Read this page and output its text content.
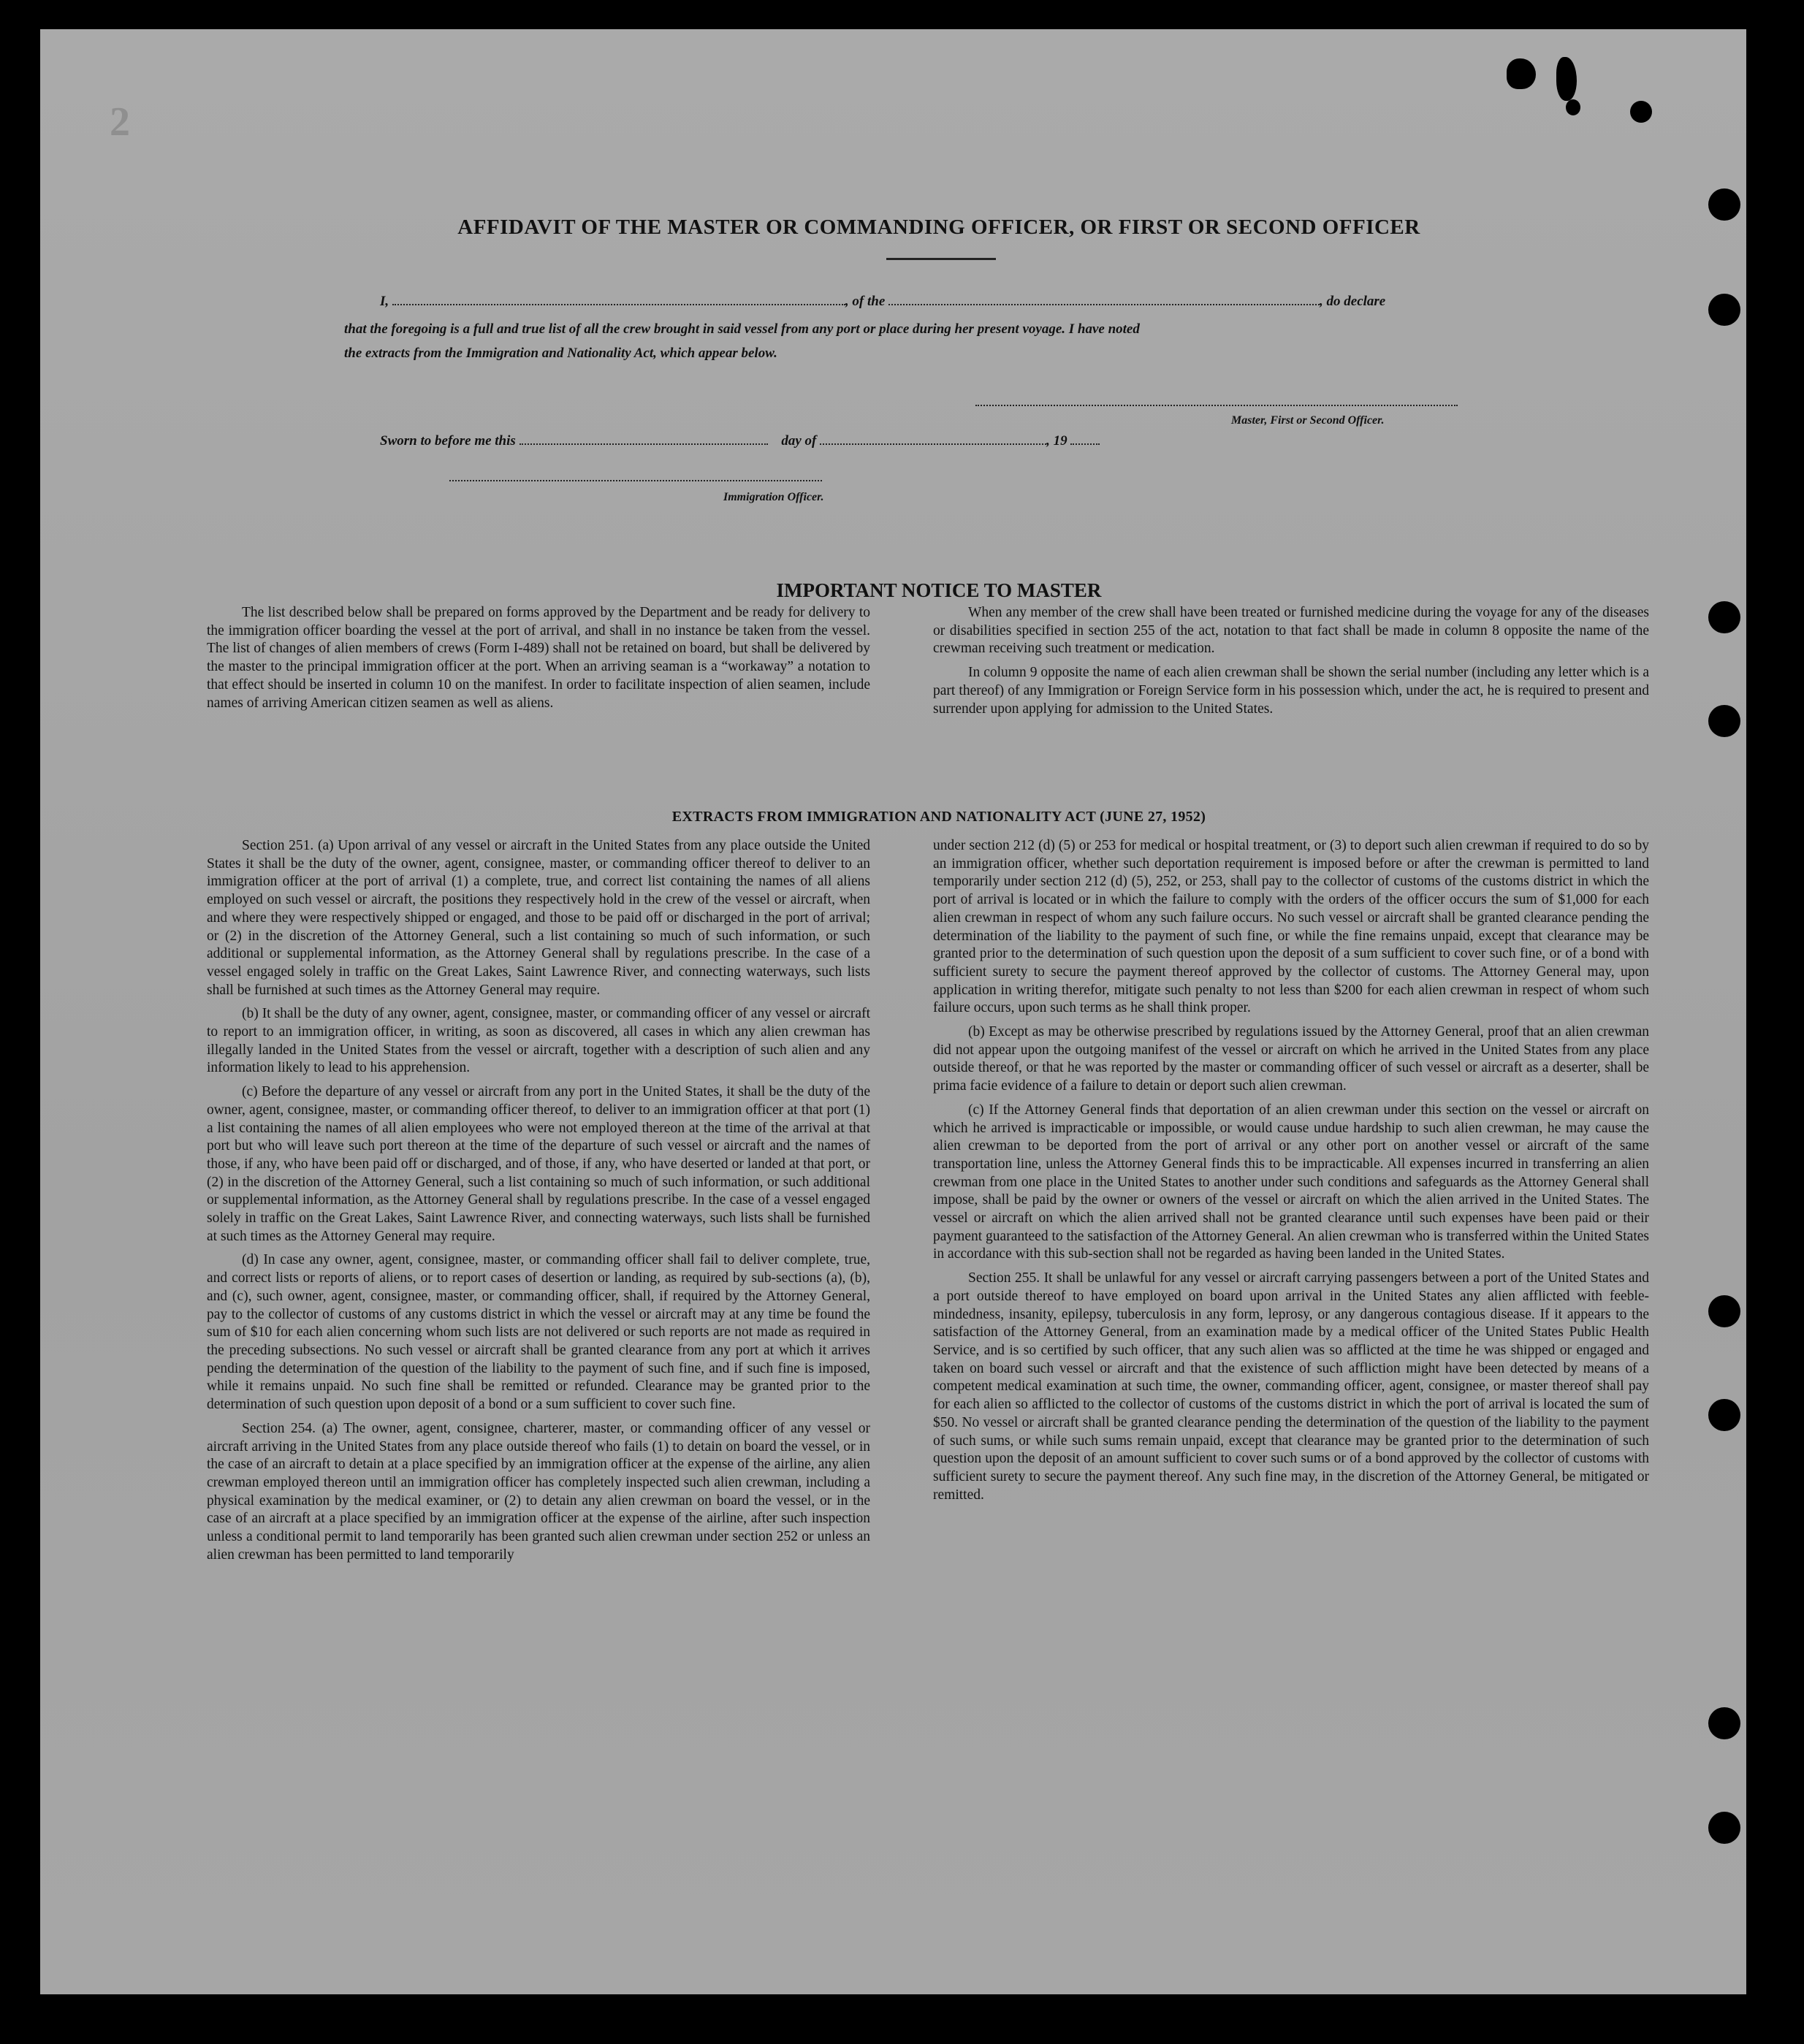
2
AFFIDAVIT OF THE MASTER OR COMMANDING OFFICER, OR FIRST OR SECOND OFFICER
I,	, of the	, do declare
that the foregoing is a full and true list of all the crew brought in said vessel from any port or place during her present voyage. I have noted
the extracts from the Immigration and Nationality Act, which appear below.
Master, First or Second Officer.
Sworn to before me this	day of	, 19
Immigration Officer.
IMPORTANT NOTICE TO MASTER

The list described below shall be prepared on forms approved by the Department and be ready for delivery to the immigration officer boarding the vessel at the port of arrival, and shall in no instance be taken from the vessel. The list of changes of alien members of crews (Form I-489) shall not be retained on board, but shall be delivered by the master to the principal immigration officer at the port. When an arriving seaman is a “workaway” a notation to that effect should be inserted in column 10 on the manifest. In order to facilitate inspection of alien seamen, include names of arriving American citizen seamen as well as aliens.

When any member of the crew shall have been treated or furnished medicine during the voyage for any of the diseases or disabilities specified in section 255 of the act, notation to that fact shall be made in column 8 opposite the name of the crewman receiving such treatment or medication.

In column 9 opposite the name of each alien crewman shall be shown the serial number (including any letter which is a part thereof) of any Immigration or Foreign Service form in his possession which, under the act, he is required to present and surrender upon applying for admission to the United States.

EXTRACTS FROM IMMIGRATION AND NATIONALITY ACT (JUNE 27, 1952)

Section 251. (a) Upon arrival of any vessel or aircraft in the United States from any place outside the United States it shall be the duty of the owner, agent, consignee, master, or commanding officer thereof to deliver to an immigration officer at the port of arrival (1) a complete, true, and correct list containing the names of all aliens employed on such vessel or aircraft, the positions they respectively hold in the crew of the vessel or aircraft, when and where they were respectively shipped or engaged, and those to be paid off or discharged in the port of arrival; or (2) in the discretion of the Attorney General, such a list containing so much of such information, or such additional or supplemental information, as the Attorney General shall by regulations prescribe. In the case of a vessel engaged solely in traffic on the Great Lakes, Saint Lawrence River, and connecting waterways, such lists shall be furnished at such times as the Attorney General may require.

(b) It shall be the duty of any owner, agent, consignee, master, or commanding officer of any vessel or aircraft to report to an immigration officer, in writing, as soon as discovered, all cases in which any alien crewman has illegally landed in the United States from the vessel or aircraft, together with a description of such alien and any information likely to lead to his apprehension.

(c) Before the departure of any vessel or aircraft from any port in the United States, it shall be the duty of the owner, agent, consignee, master, or commanding officer thereof, to deliver to an immigration officer at that port (1) a list containing the names of all alien employees who were not employed thereon at the time of the arrival at that port but who will leave such port thereon at the time of the departure of such vessel or aircraft and the names of those, if any, who have been paid off or discharged, and of those, if any, who have deserted or landed at that port, or (2) in the discretion of the Attorney General, such a list containing so much of such information, or such additional or supplemental information, as the Attorney General shall by regulations prescribe. In the case of a vessel engaged solely in traffic on the Great Lakes, Saint Lawrence River, and connecting waterways, such lists shall be furnished at such times as the Attorney General may require.

(d) In case any owner, agent, consignee, master, or commanding officer shall fail to deliver complete, true, and correct lists or reports of aliens, or to report cases of desertion or landing, as required by sub-sections (a), (b), and (c), such owner, agent, consignee, master, or commanding officer, shall, if required by the Attorney General, pay to the collector of customs of any customs district in which the vessel or aircraft may at any time be found the sum of $10 for each alien concerning whom such lists are not delivered or such reports are not made as required in the preceding subsections. No such vessel or aircraft shall be granted clearance from any port at which it arrives pending the determination of the question of the liability to the payment of such fine, and if such fine is imposed, while it remains unpaid. No such fine shall be remitted or refunded. Clearance may be granted prior to the determination of such question upon deposit of a bond or a sum sufficient to cover such fine.

Section 254. (a) The owner, agent, consignee, charterer, master, or commanding officer of any vessel or aircraft arriving in the United States from any place outside thereof who fails (1) to detain on board the vessel, or in the case of an aircraft to detain at a place specified by an immigration officer at the expense of the airline, any alien crewman employed thereon until an immigration officer has completely inspected such alien crewman, including a physical examination by the medical examiner, or (2) to detain any alien crewman on board the vessel, or in the case of an aircraft at a place specified by an immigration officer at the expense of the airline, after such inspection unless a conditional permit to land temporarily has been granted such alien crewman under section 252 or unless an alien crewman has been permitted to land temporarily

under section 212 (d) (5) or 253 for medical or hospital treatment, or (3) to deport such alien crewman if required to do so by an immigration officer, whether such deportation requirement is imposed before or after the crewman is permitted to land temporarily under section 212 (d) (5), 252, or 253, shall pay to the collector of customs of the customs district in which the port of arrival is located or in which the failure to comply with the orders of the officer occurs the sum of $1,000 for each alien crewman in respect of whom any such failure occurs. No such vessel or aircraft shall be granted clearance pending the determination of the liability to the payment of such fine, or while the fine remains unpaid, except that clearance may be granted prior to the determination of such question upon the deposit of a sum sufficient to cover such fine, or of a bond with sufficient surety to secure the payment thereof approved by the collector of customs. The Attorney General may, upon application in writing therefor, mitigate such penalty to not less than $200 for each alien crewman in respect of whom such failure occurs, upon such terms as he shall think proper.

(b) Except as may be otherwise prescribed by regulations issued by the Attorney General, proof that an alien crewman did not appear upon the outgoing manifest of the vessel or aircraft on which he arrived in the United States from any place outside thereof, or that he was reported by the master or commanding officer of such vessel or aircraft as a deserter, shall be prima facie evidence of a failure to detain or deport such alien crewman.

(c) If the Attorney General finds that deportation of an alien crewman under this section on the vessel or aircraft on which he arrived is impracticable or impossible, or would cause undue hardship to such alien crewman, he may cause the alien crewman to be deported from the port of arrival or any other port on another vessel or aircraft of the same transportation line, unless the Attorney General finds this to be impracticable. All expenses incurred in transferring an alien crewman from one place in the United States to another under such conditions and safeguards as the Attorney General shall impose, shall be paid by the owner or owners of the vessel or aircraft on which the alien arrived in the United States. The vessel or aircraft on which the alien arrived shall not be granted clearance until such expenses have been paid or their payment guaranteed to the satisfaction of the Attorney General. An alien crewman who is transferred within the United States in accordance with this sub-section shall not be regarded as having been landed in the United States.

Section 255. It shall be unlawful for any vessel or aircraft carrying passengers between a port of the United States and a port outside thereof to have employed on board upon arrival in the United States any alien afflicted with feeble-mindedness, insanity, epilepsy, tuberculosis in any form, leprosy, or any dangerous contagious disease. If it appears to the satisfaction of the Attorney General, from an examination made by a medical officer of the United States Public Health Service, and is so certified by such officer, that any such alien was so afflicted at the time he was shipped or engaged and taken on board such vessel or aircraft and that the existence of such affliction might have been detected by means of a competent medical examination at such time, the owner, commanding officer, agent, consignee, or master thereof shall pay for each alien so afflicted to the collector of customs of the customs district in which the port of arrival is located the sum of $50. No vessel or aircraft shall be granted clearance pending the determination of the question of the liability to the payment of such sums, or while such sums remain unpaid, except that clearance may be granted prior to the determination of such question upon the deposit of an amount sufficient to cover such sums or of a bond approved by the collector of customs with sufficient surety to secure the payment thereof. Any such fine may, in the discretion of the Attorney General, be mitigated or remitted.
